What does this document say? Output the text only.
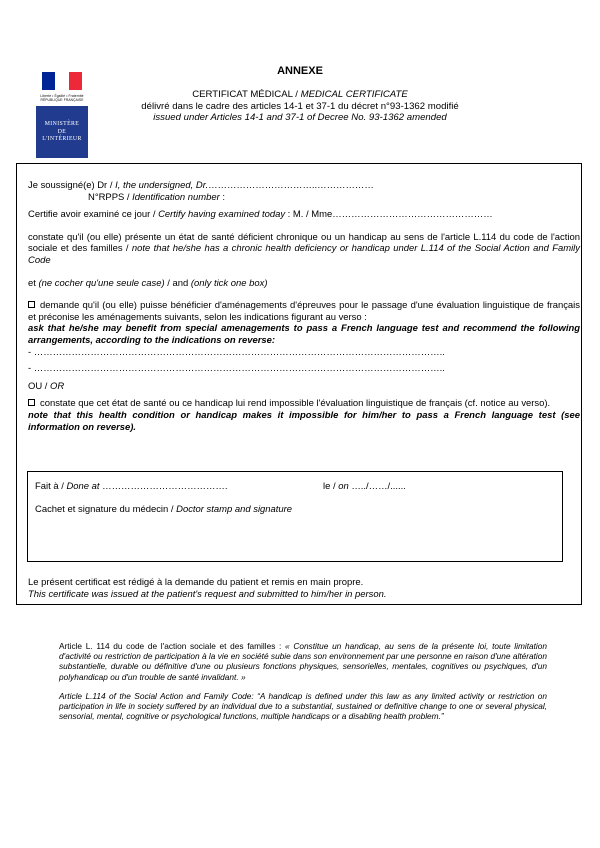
Liberté • Égalité • Fraternité
RÉPUBLIQUE FRANÇAISE
MINISTÈRE
DE
L'INTÉRIEUR
ANNEXE
CERTIFICAT MÉDICAL / MEDICAL CERTIFICATE
délivré dans le cadre des articles 14-1 et 37-1 du décret n°93-1362 modifié
issued under Articles 14-1 and 37-1 of Decree No. 93-1362 amended

Je soussigné(e) Dr / I, the undersigned, Dr.……………………………..………………

N°RPPS / Identification number :

Certifie avoir examiné ce jour / Certify having examined today : M. / Mme……………………………………………

constate qu'il (ou elle) présente un état de santé déficient chronique ou un handicap au sens de l'article L.114 du code de l'action sociale et des familles / note that he/she has a chronic health deficiency or handicap under L.114 of the Social Action and Family Code

et (ne cocher qu'une seule case) / and (only tick one box)

demande qu'il (ou elle) puisse bénéficier d'aménagements d'épreuves pour le passage d'une évaluation linguistique de français et préconise les aménagements suivants, selon les indications figurant au verso :

ask that he/she may benefit from special amenagements to pass a French language test and recommend the following arrangements, according to the indications on reverse:

- …………………………………………………………………………………………………………………..

- …………………………………………………………………………………………………………………..

OU / OR

constate que cet état de santé ou ce handicap lui rend impossible l'évaluation linguistique de français (cf. notice au verso).

note that this health condition or handicap makes it impossible for him/her to pass a French language test (see information on reverse).

Fait à / Done at ………………………………….	le / on …../……/......
Cachet et signature du médecin / Doctor stamp and signature

Le présent certificat est rédigé à la demande du patient et remis en main propre.

This certificate was issued at the patient's request and submitted to him/her in person.

Article L. 114 du code de l'action sociale et des familles : « Constitue un handicap, au sens de la présente loi, toute limitation d'activité ou restriction de participation à la vie en société subie dans son environnement par une personne en raison d'une altération substantielle, durable ou définitive d'une ou plusieurs fonctions physiques, sensorielles, mentales, cognitives ou psychiques, d'un polyhandicap ou d'un trouble de santé invalidant. »

Article L.114 of the Social Action and Family Code: “A handicap is defined under this law as any limited activity or restriction on participation in life in society suffered by an individual due to a substantial, sustained or definitive change to one or several physical, sensorial, mental, cognitive or psychological functions, multiple handicaps or a disabling health problem.”
